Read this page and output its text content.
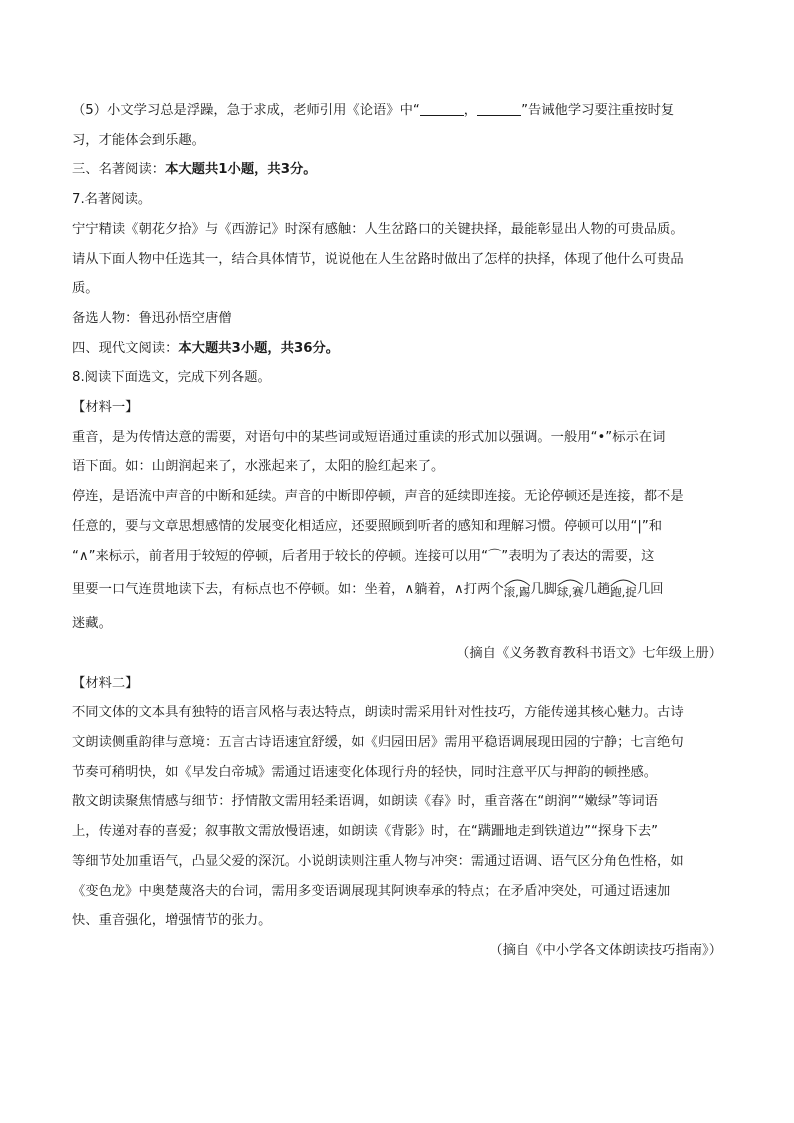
（5）小文学习总是浮躁，急于求成，老师引用《论语》中“	，	”告诫他学习要注重按时复

习，才能体会到乐趣。

三、名著阅读：本大题共1小题，共3分。

7.名著阅读。

宁宁精读《朝花夕拾》与《西游记》时深有感触：人生岔路口的关键抉择，最能彰显出人物的可贵品质。

请从下面人物中任选其一，结合具体情节，说说他在人生岔路时做出了怎样的抉择，体现了他什么可贵品

质。

备选人物：鲁迅孙悟空唐僧

四、现代文阅读：本大题共3小题，共36分。

8.阅读下面选文，完成下列各题。

【材料一】

重音，是为传情达意的需要，对语句中的某些词或短语通过重读的形式加以强调。一般用“•”标示在词

语下面。如：山朗润起来了，水涨起来了，太阳的脸红起来了。

停连，是语流中声音的中断和延续。声音的中断即停顿，声音的延续即连接。无论停顿还是连接，都不是

任意的，要与文章思想感情的发展变化相适应，还要照顾到听者的感知和理解习惯。停顿可以用“|”和

“∧”来标示，前者用于较短的停顿，后者用于较长的停顿。连接可以用“⌒”表明为了表达的需要，这

里要一口气连贯地读下去，有标点也不停顿。如：坐着，∧躺着，∧打两个
滚,踢几脚
球,赛几趟
跑,捉几回

迷藏。

（摘自《义务教育教科书语文》七年级上册）

【材料二】

不同文体的文本具有独特的语言风格与表达特点，朗读时需采用针对性技巧，方能传递其核心魅力。古诗

文朗读侧重韵律与意境：五言古诗语速宜舒缓，如《归园田居》需用平稳语调展现田园的宁静；七言绝句

节奏可稍明快，如《早发白帝城》需通过语速变化体现行舟的轻快，同时注意平仄与押韵的顿挫感。

散文朗读聚焦情感与细节：抒情散文需用轻柔语调，如朗读《春》时，重音落在“朗润”“嫩绿”等词语

上，传递对春的喜爱；叙事散文需放慢语速，如朗读《背影》时，在“蹒跚地走到铁道边”“探身下去”

等细节处加重语气，凸显父爱的深沉。小说朗读则注重人物与冲突：需通过语调、语气区分角色性格，如

《变色龙》中奥楚蔑洛夫的台词，需用多变语调展现其阿谀奉承的特点；在矛盾冲突处，可通过语速加

快、重音强化，增强情节的张力。

（摘自《中小学各文体朗读技巧指南》）
